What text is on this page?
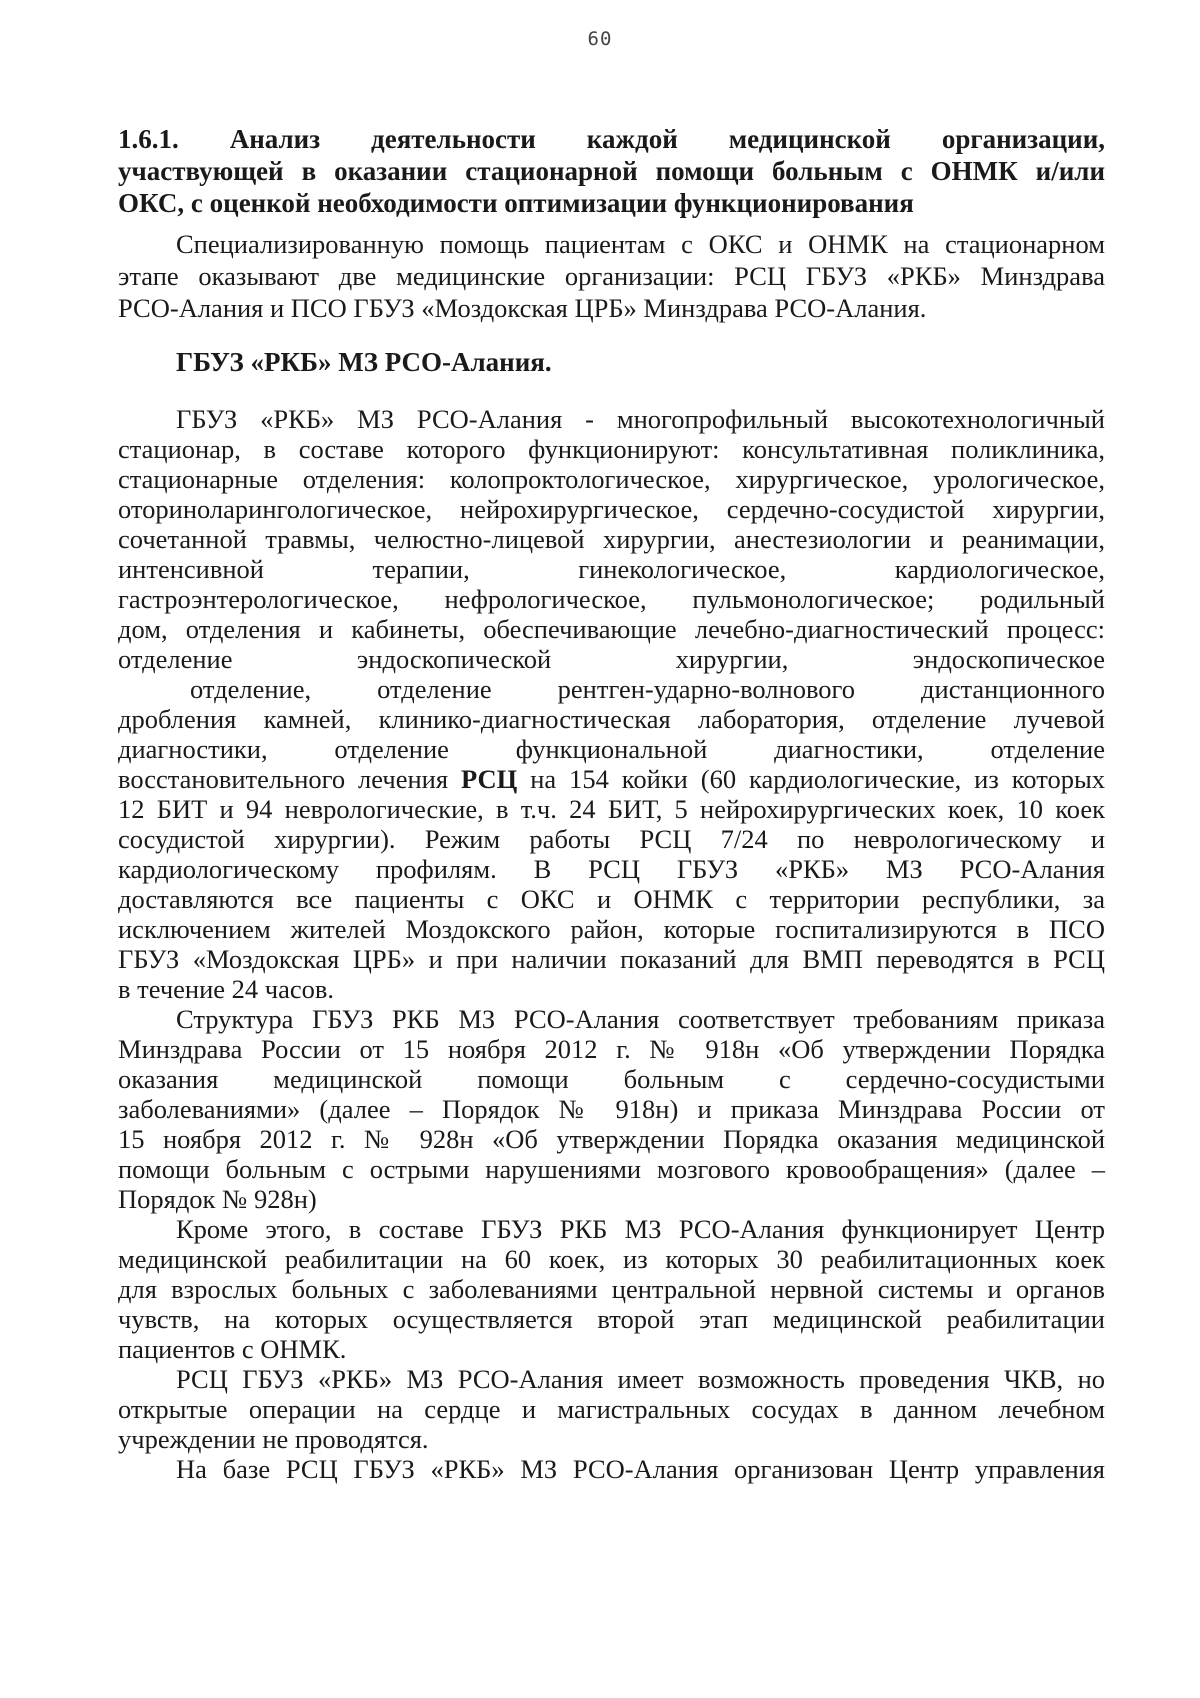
60
1.6.1. Анализ деятельности каждой медицинской организации,
участвующей в оказании стационарной помощи больным с ОНМК и/или
ОКС, с оценкой необходимости оптимизации функционирования
Специализированную помощь пациентам с ОКС и ОНМК на стационарном
этапе оказывают две медицинские организации: РСЦ ГБУЗ «РКБ» Минздрава
РСО-Алания и ПСО ГБУЗ «Моздокская ЦРБ» Минздрава РСО-Алания.
ГБУЗ «РКБ» МЗ РСО-Алания.
ГБУЗ «РКБ» МЗ РСО-Алания - многопрофильный высокотехнологичный
стационар, в составе которого функционируют: консультативная поликлиника,
стационарные отделения: колопроктологическое, хирургическое, урологическое,
оториноларингологическое, нейрохирургическое, сердечно-сосудистой хирургии,
сочетанной травмы, челюстно-лицевой хирургии, анестезиологии и реанимации,
интенсивной терапии, гинекологическое, кардиологическое,
гастроэнтерологическое, нефрологическое, пульмонологическое; родильный
дом, отделения и кабинеты, обеспечивающие лечебно-диагностический процесс:
отделение эндоскопической хирургии, эндоскопическое
отделение, отделение рентген-ударно-волнового дистанционного
дробления камней, клинико-диагностическая лаборатория, отделение лучевой
диагностики, отделение функциональной диагностики, отделение
восстановительного лечения РСЦ на 154 койки (60 кардиологические, из которых
12 БИТ и 94 неврологические, в т.ч. 24 БИТ, 5 нейрохирургических коек, 10 коек
сосудистой хирургии). Режим работы РСЦ 7/24 по неврологическому и
кардиологическому профилям. В РСЦ ГБУЗ «РКБ» МЗ РСО-Алания
доставляются все пациенты с ОКС и ОНМК с территории республики, за
исключением жителей Моздокского район, которые госпитализируются в ПСО
ГБУЗ «Моздокская ЦРБ» и при наличии показаний для ВМП переводятся в РСЦ
в течение 24 часов.
Структура ГБУЗ РКБ МЗ РСО-Алания соответствует требованиям приказа
Минздрава России от 15 ноября 2012 г. № 918н «Об утверждении Порядка
оказания медицинской помощи больным с сердечно-сосудистыми
заболеваниями» (далее – Порядок № 918н) и приказа Минздрава России от
15 ноября 2012 г. № 928н «Об утверждении Порядка оказания медицинской
помощи больным с острыми нарушениями мозгового кровообращения» (далее –
Порядок № 928н)
Кроме этого, в составе ГБУЗ РКБ МЗ РСО-Алания функционирует Центр
медицинской реабилитации на 60 коек, из которых 30 реабилитационных коек
для взрослых больных с заболеваниями центральной нервной системы и органов
чувств, на которых осуществляется второй этап медицинской реабилитации
пациентов с ОНМК.
РСЦ ГБУЗ «РКБ» МЗ РСО-Алания имеет возможность проведения ЧКВ, но
открытые операции на сердце и магистральных сосудах в данном лечебном
учреждении не проводятся.
На базе РСЦ ГБУЗ «РКБ» МЗ РСО-Алания организован Центр управления
